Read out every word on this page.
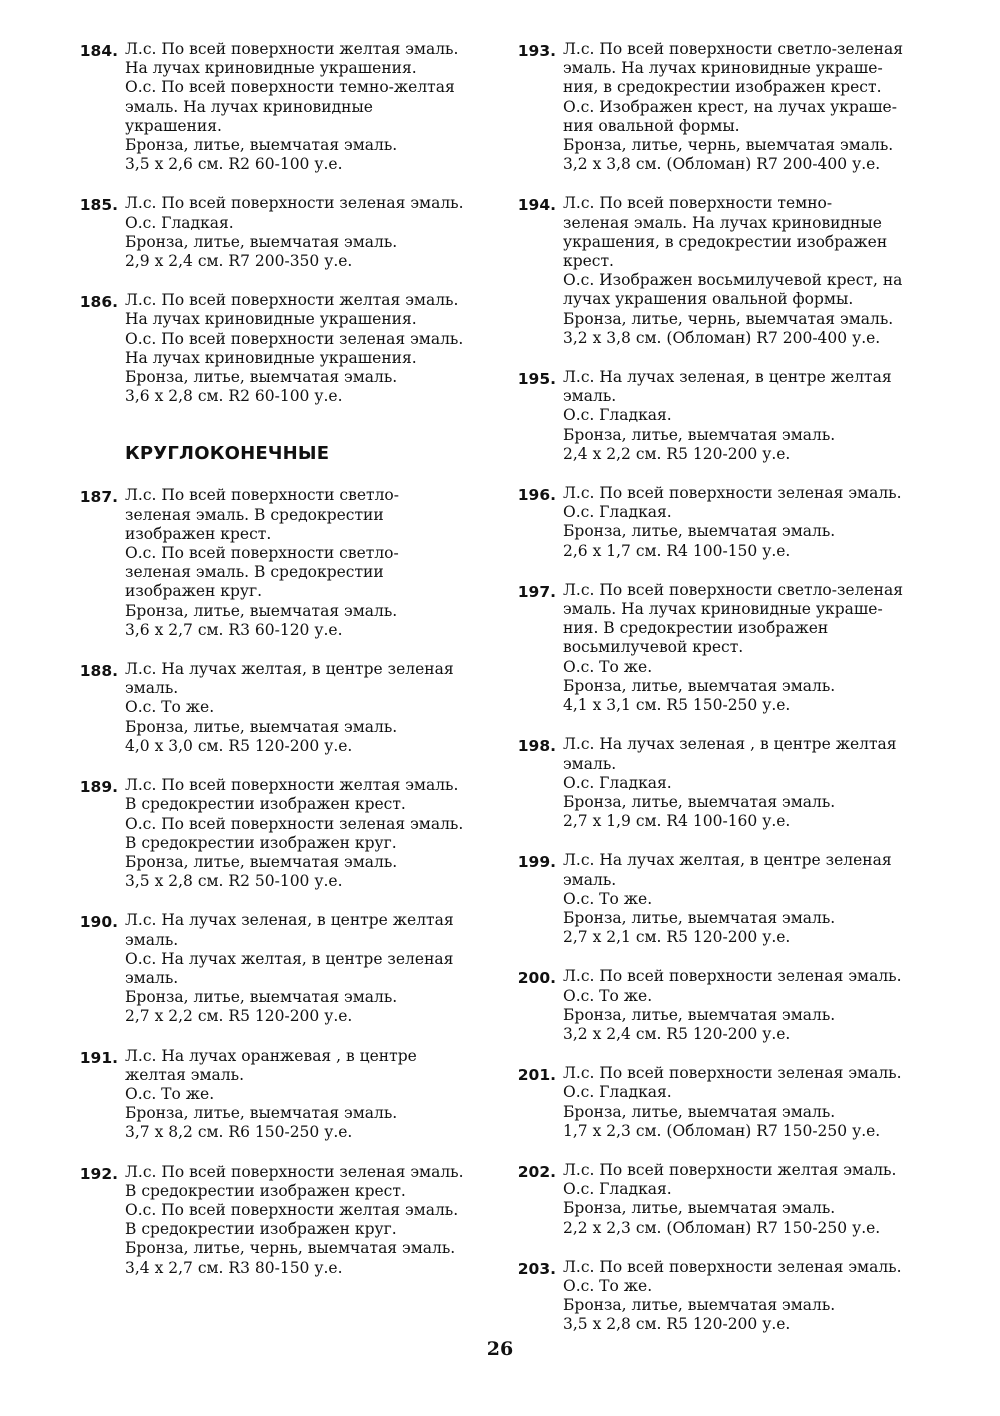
184. Л.с. По всей поверхности желтая эмаль.
На лучах криновидные украшения.
О.с. По всей поверхности темно-желтая
эмаль. На лучах криновидные
украшения.
Бронза, литье, выемчатая эмаль.
3,5 х 2,6 см. R2 60-100 у.е.
185. Л.с. По всей поверхности зеленая эмаль.
О.с. Гладкая.
Бронза, литье, выемчатая эмаль.
2,9 х 2,4 см. R7 200-350 у.е.
186. Л.с. По всей поверхности желтая эмаль.
На лучах криновидные украшения.
О.с. По всей поверхности зеленая эмаль.
На лучах криновидные украшения.
Бронза, литье, выемчатая эмаль.
3,6 х 2,8 см. R2 60-100 у.е.
КРУГЛОКОНЕЧНЫЕ
187. Л.с. По всей поверхности светло-
зеленая эмаль. В средокрестии
изображен крест.
О.с. По всей поверхности светло-
зеленая эмаль. В средокрестии
изображен круг.
Бронза, литье, выемчатая эмаль.
3,6 х 2,7 см. R3 60-120 у.е.
188. Л.с. На лучах желтая, в центре зеленая
эмаль.
О.с. То же.
Бронза, литье, выемчатая эмаль.
4,0 х 3,0 см. R5 120-200 у.е.
189. Л.с. По всей поверхности желтая эмаль.
В средокрестии изображен крест.
О.с. По всей поверхности зеленая эмаль.
В средокрестии изображен круг.
Бронза, литье, выемчатая эмаль.
3,5 х 2,8 см. R2 50-100 у.е.
190. Л.с. На лучах зеленая, в центре желтая
эмаль.
О.с. На лучах желтая, в центре зеленая
эмаль.
Бронза, литье, выемчатая эмаль.
2,7 х 2,2 см. R5 120-200 у.е.
191. Л.с. На лучах оранжевая , в центре
желтая эмаль.
О.с. То же.
Бронза, литье, выемчатая эмаль.
3,7 х 8,2 см. R6 150-250 у.е.
192. Л.с. По всей поверхности зеленая эмаль.
В средокрестии изображен крест.
О.с. По всей поверхности желтая эмаль.
В средокрестии изображен круг.
Бронза, литье, чернь, выемчатая эмаль.
3,4 х 2,7 см. R3 80-150 у.е.
193. Л.с. По всей поверхности светло-зеленая
эмаль. На лучах криновидные украше-
ния, в средокрестии изображен крест.
О.с. Изображен крест, на лучах украше-
ния овальной формы.
Бронза, литье, чернь, выемчатая эмаль.
3,2 х 3,8 см. (Обломан) R7 200-400 у.е.
194. Л.с. По всей поверхности темно-
зеленая эмаль. На лучах криновидные
украшения, в средокрестии изображен
крест.
О.с. Изображен восьмилучевой крест, на
лучах украшения овальной формы.
Бронза, литье, чернь, выемчатая эмаль.
3,2 х 3,8 см. (Обломан) R7 200-400 у.е.
195. Л.с. На лучах зеленая, в центре желтая
эмаль.
О.с. Гладкая.
Бронза, литье, выемчатая эмаль.
2,4 х 2,2 см. R5 120-200 у.е.
196. Л.с. По всей поверхности зеленая эмаль.
О.с. Гладкая.
Бронза, литье, выемчатая эмаль.
2,6 х 1,7 см. R4 100-150 у.е.
197. Л.с. По всей поверхности светло-зеленая
эмаль. На лучах криновидные украше-
ния. В средокрестии изображен
восьмилучевой крест.
О.с. То же.
Бронза, литье, выемчатая эмаль.
4,1 х 3,1 см. R5 150-250 у.е.
198. Л.с. На лучах зеленая , в центре желтая
эмаль.
О.с. Гладкая.
Бронза, литье, выемчатая эмаль.
2,7 х 1,9 см. R4 100-160 у.е.
199. Л.с. На лучах желтая, в центре зеленая
эмаль.
О.с. То же.
Бронза, литье, выемчатая эмаль.
2,7 х 2,1 см. R5 120-200 у.е.
200. Л.с. По всей поверхности зеленая эмаль.
О.с. То же.
Бронза, литье, выемчатая эмаль.
3,2 х 2,4 см. R5 120-200 у.е.
201. Л.с. По всей поверхности зеленая эмаль.
О.с. Гладкая.
Бронза, литье, выемчатая эмаль.
1,7 х 2,3 см. (Обломан) R7 150-250 у.е.
202. Л.с. По всей поверхности желтая эмаль.
О.с. Гладкая.
Бронза, литье, выемчатая эмаль.
2,2 х 2,3 см. (Обломан) R7 150-250 у.е.
203. Л.с. По всей поверхности зеленая эмаль.
О.с. То же.
Бронза, литье, выемчатая эмаль.
3,5 х 2,8 см. R5 120-200 у.е.
26
